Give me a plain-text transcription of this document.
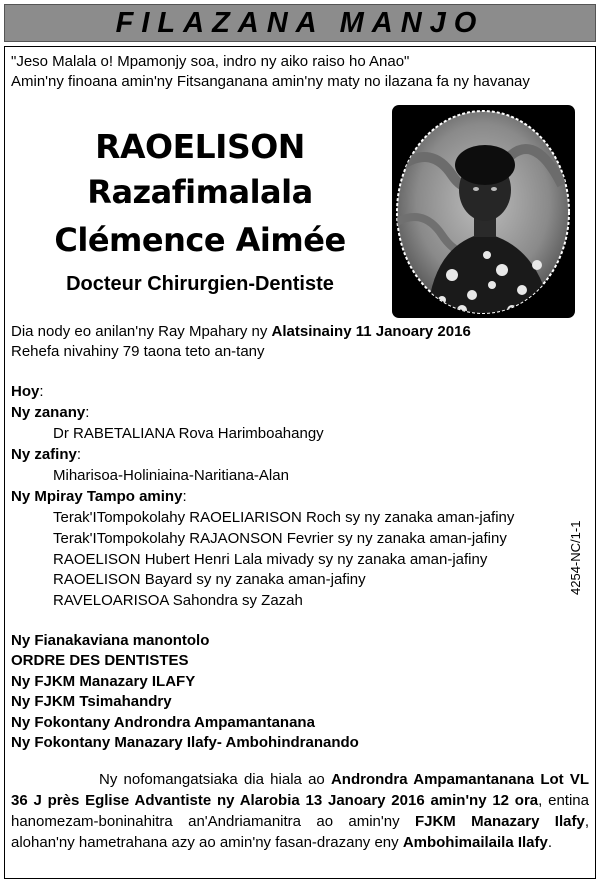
FILAZANA MANJO
"Jeso Malala o! Mpamonjy soa, indro ny aiko raiso ho Anao"
Amin'ny finoana amin'ny Fitsanganana amin'ny maty no ilazana fa ny havanay
RAOELISON
Razafimalala
Clémence Aimée
Docteur Chirurgien-Dentiste
Dia nody eo anilan'ny Ray Mpahary ny Alatsinainy 11 Janoary 2016
Rehefa nivahiny 79 taona teto an-tany
Hoy:
Ny zanany:
Dr RABETALIANA Rova Harimboahangy
Ny zafiny:
Miharisoa-Holiniaina-Naritiana-Alan
Ny Mpiray Tampo aminy:
Terak'ITompokolahy RAOELIARISON Roch sy ny zanaka aman-jafiny
Terak'ITompokolahy RAJAONSON Fevrier sy ny zanaka aman-jafiny
RAOELISON Hubert Henri Lala mivady sy ny zanaka aman-jafiny
RAOELISON Bayard sy ny zanaka aman-jafiny
RAVELOARISOA Sahondra sy Zazah
Ny Fianakaviana manontolo
ORDRE DES DENTISTES
Ny FJKM Manazary ILAFY
Ny FJKM Tsimahandry
Ny Fokontany Androndra Ampamantanana
Ny Fokontany Manazary Ilafy- Ambohindranando
Ny nofomangatsiaka dia hiala ao Androndra Ampamantanana Lot VL 36 J près Eglise Advantiste ny Alarobia 13 Janoary 2016 amin'ny 12 ora, entina hanomezam-boninahitra an'Andriamanitra ao amin'ny FJKM Manazary Ilafy, alohan'ny hametrahana azy ao amin'ny fasan-drazany eny Ambohimailaila Ilafy.
4254-NC/1-1
